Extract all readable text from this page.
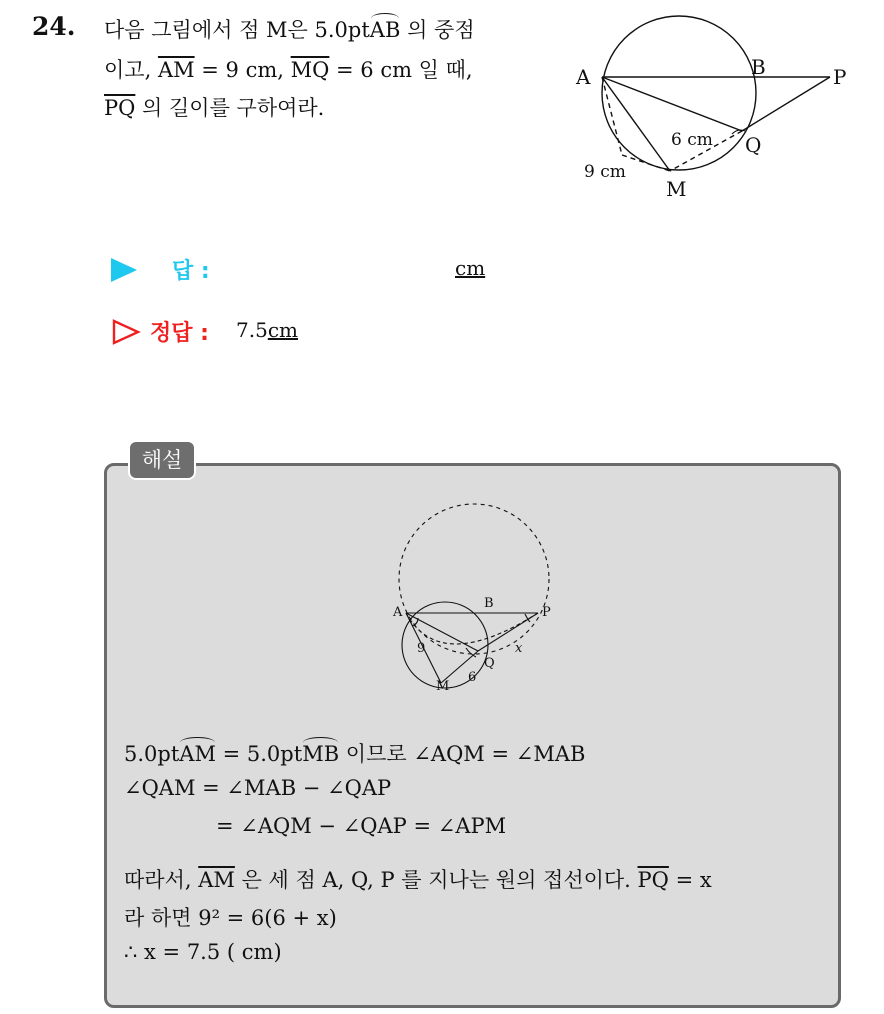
24. 다음 그림에서 점 M은 5.0ptAB 의 중점
이고, $\overline{AM} = 9$ cm, $\overline{MQ} = 6$ cm 일 때,
$\overline{PQ}$ 의 길이를 구하여라.
A	B	P
Q
M
6 cm
9 cm
답 :	cm
정답 : 7.5cm
해설
A
B
P
Q
M
9
6
x
5.0ptAM = 5.0ptMB 이므로 ∠AQM = ∠MAB
∠QAM = ∠MAB − ∠QAP
= ∠AQM − ∠QAP = ∠APM
따라서, $\overline{AM}$ 은 세 점 A, Q, P 를 지나는 원의 접선이다. $\overline{PQ} = x$
라 하면 9² = 6(6 + x)
∴ x = 7.5 ( cm)
